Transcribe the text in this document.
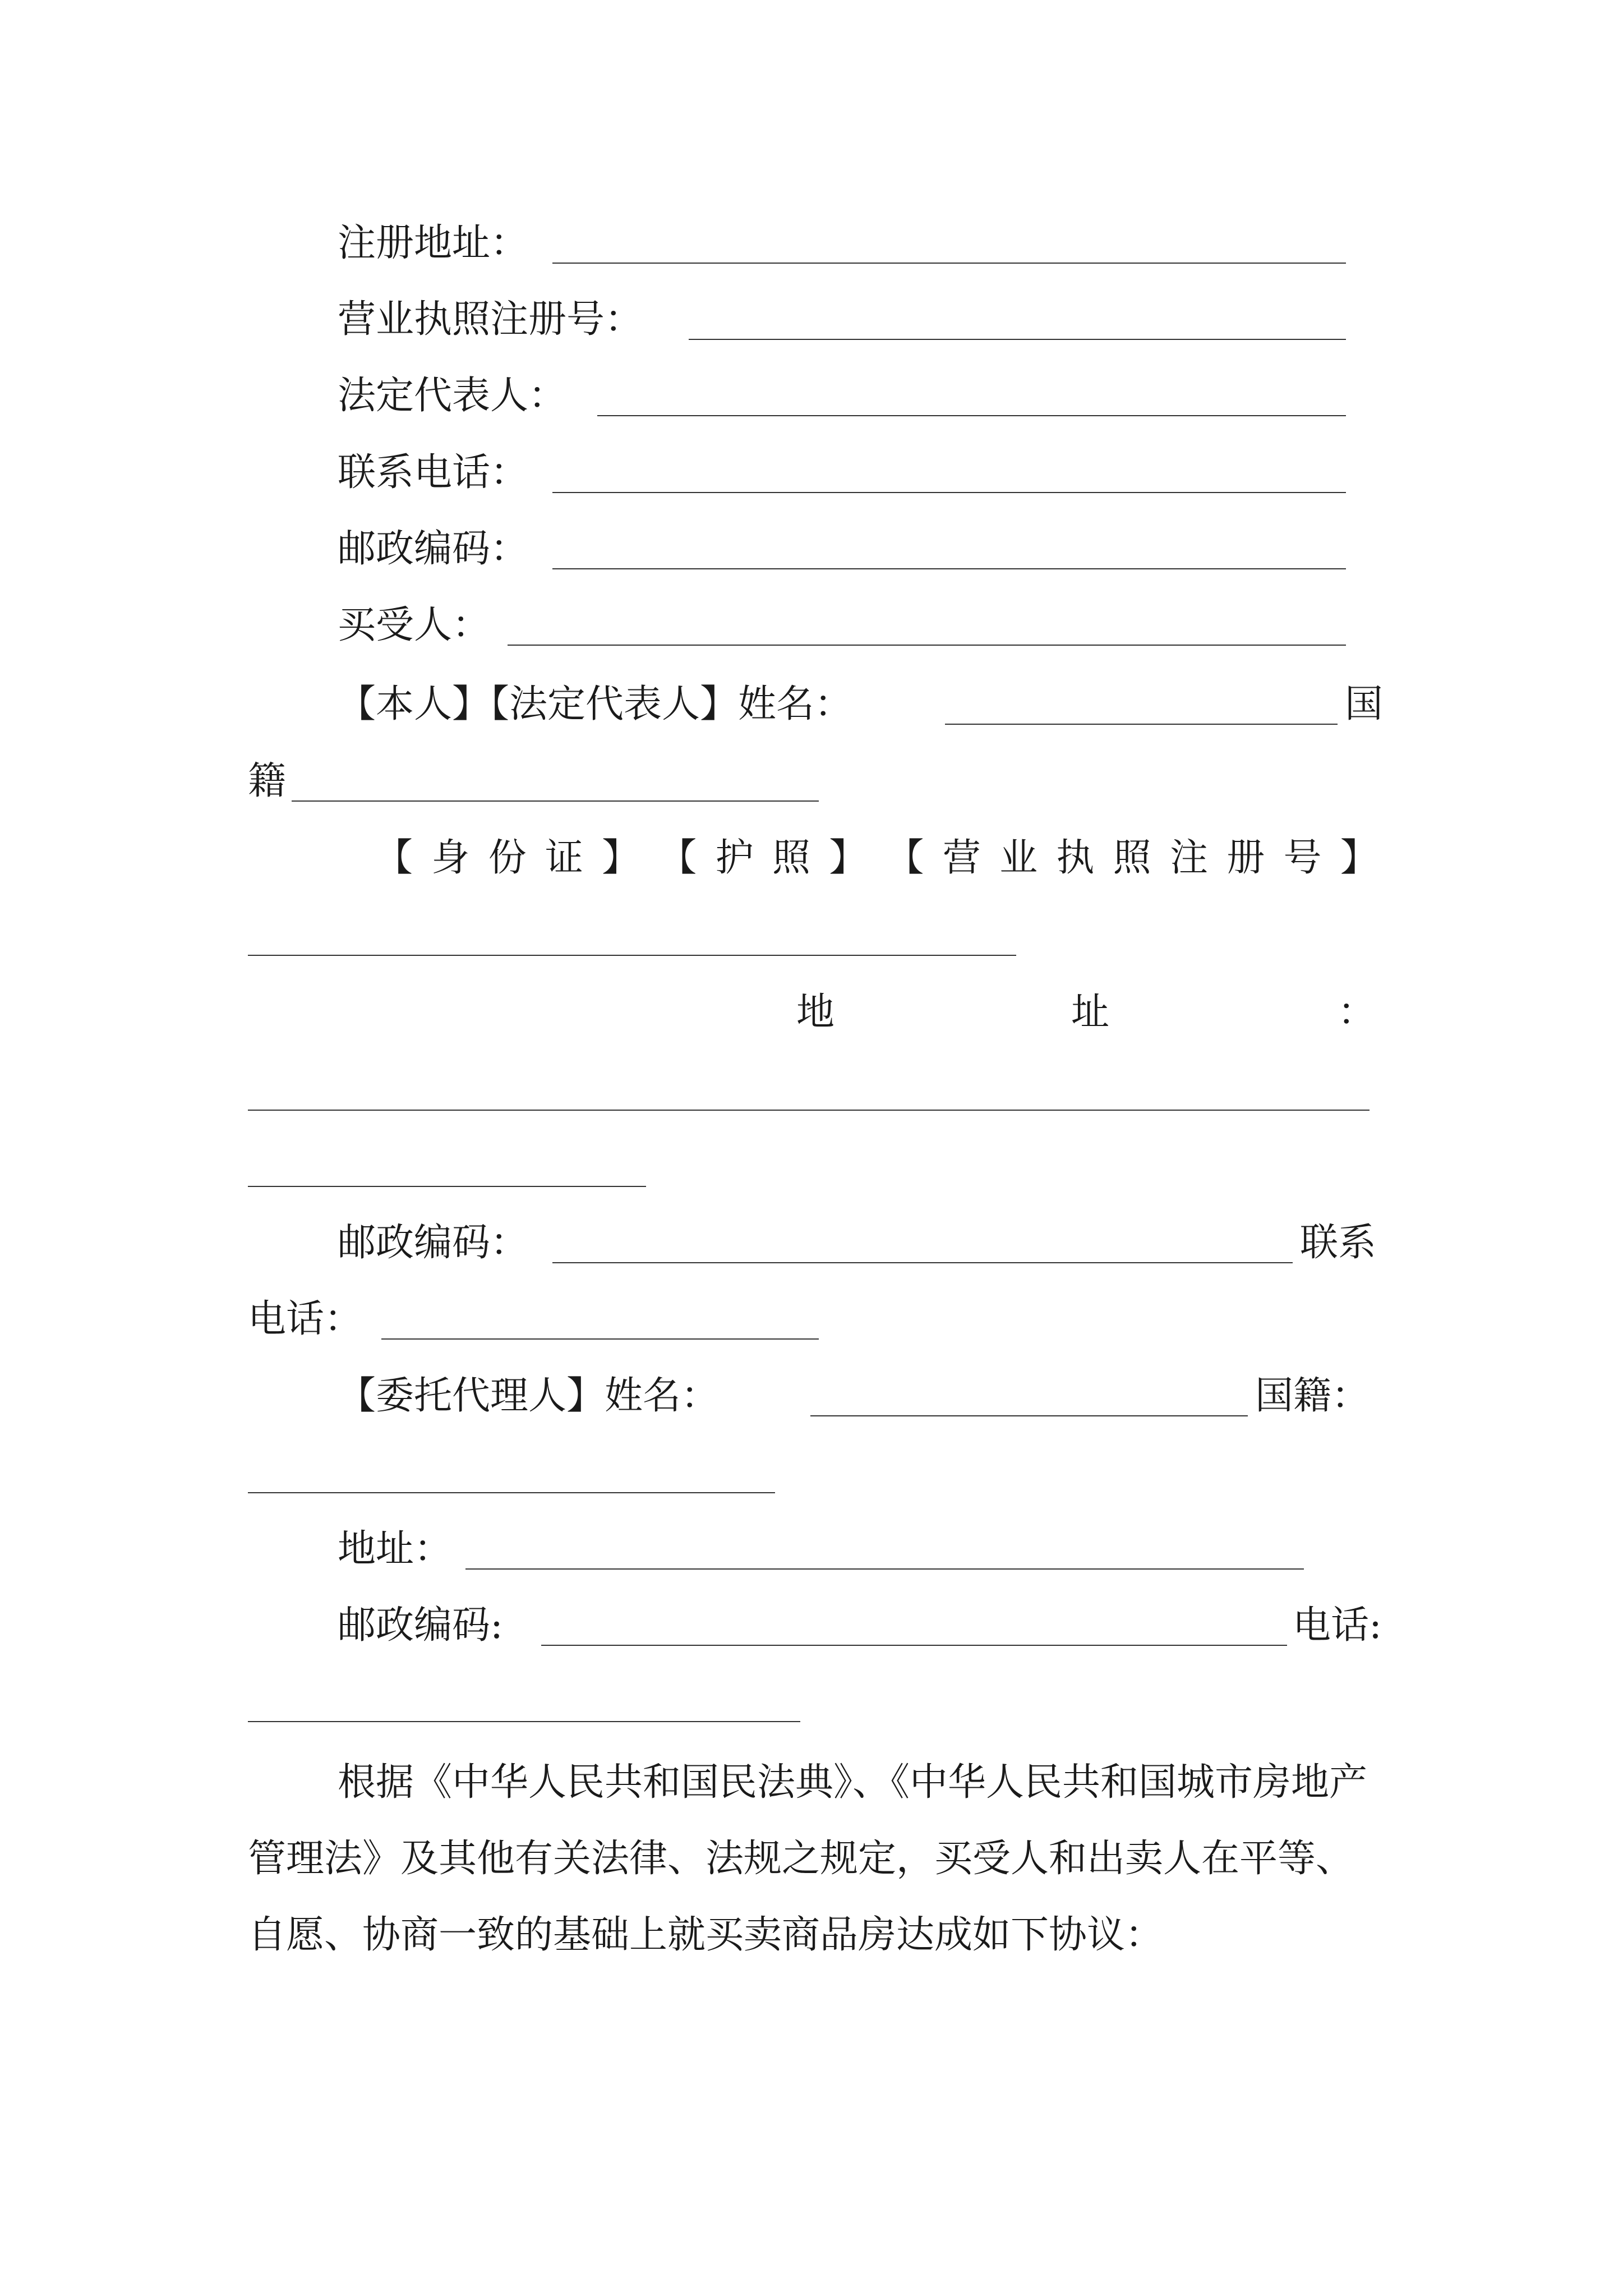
注册地址：
营业执照注册号：
法定代表人：
联系电话：
邮政编码：
买受人：
【本人】【法定代表人】姓名：	国
籍
【 身 份 证 】 【 护 照 】 【 营 业 执 照 注 册 号 】
地	址	：
邮政编码：	联系
电话：
【委托代理人】姓名：	国籍：
地址：
邮政编码:	电话:
根据《中华人民共和国民法典》、《中华人民共和国城市房地产管理法》及其他有关法律、法规之规定，买受人和出卖人在平等、自愿、协商一致的基础上就买卖商品房达成如下协议：
